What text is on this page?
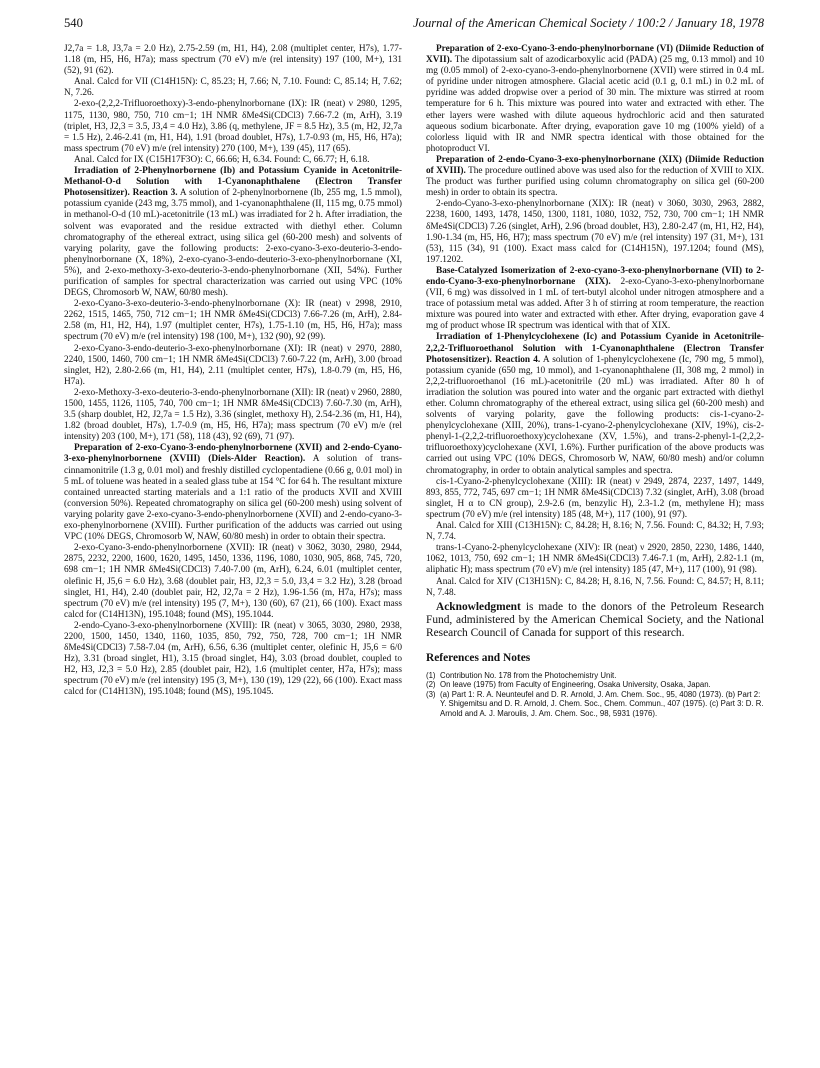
540	Journal of the American Chemical Society / 100:2 / January 18, 1978

J2,7a = 1.8, J3,7a = 2.0 Hz), 2.75-2.59 (m, H1, H4), 2.08 (multiplet center, H7s), 1.77-1.18 (m, H5, H6, H7a); mass spectrum (70 eV) m/e (rel intensity) 197 (100, M+), 131 (52), 91 (62).

Anal. Calcd for VII (C14H15N): C, 85.23; H, 7.66; N, 7.10. Found: C, 85.14; H, 7.62; N, 7.26.

2-exo-(2,2,2-Trifluoroethoxy)-3-endo-phenylnorbornane (IX): IR (neat) ν 2980, 1295, 1175, 1130, 980, 750, 710 cm−1; 1H NMR δMe4Si(CDCl3) 7.66-7.2 (m, ArH), 3.19 (triplet, H3, J2,3 = 3.5, J3,4 = 4.0 Hz), 3.86 (q, methylene, JF = 8.5 Hz), 3.5 (m, H2, J2,7a = 1.5 Hz), 2.46-2.41 (m, H1, H4), 1.91 (broad doublet, H7s), 1.7-0.93 (m, H5, H6, H7a); mass spectrum (70 eV) m/e (rel intensity) 270 (100, M+), 139 (45), 117 (65).

Anal. Calcd for IX (C15H17F3O): C, 66.66; H, 6.34. Found: C, 66.77; H, 6.18.

Irradiation of 2-Phenylnorbornene (Ib) and Potassium Cyanide in Acetonitrile-Methanol-O-d Solution with 1-Cyanonaphthalene (Electron Transfer Photosensitizer). Reaction 3. A solution of 2-phenylnorbornene (Ib, 255 mg, 1.5 mmol), potassium cyanide (243 mg, 3.75 mmol), and 1-cyanonaphthalene (II, 115 mg, 0.75 mmol) in methanol-O-d (10 mL)-acetonitrile (13 mL) was irradiated for 2 h. After irradiation, the solvent was evaporated and the residue extracted with diethyl ether. Column chromatography of the ethereal extract, using silica gel (60-200 mesh) and solvents of varying polarity, gave the following products: 2-exo-cyano-3-exo-deuterio-3-endo-phenylnorbornane (X, 18%), 2-exo-cyano-3-endo-deuterio-3-exo-phenylnorbornane (XI, 5%), and 2-exo-methoxy-3-exo-deuterio-3-endo-phenylnorbornane (XII, 54%). Further purification of samples for spectral characterization was carried out using VPC (10% DEGS, Chromosorb W, NAW, 60/80 mesh).

2-exo-Cyano-3-exo-deuterio-3-endo-phenylnorbornane (X): IR (neat) ν 2998, 2910, 2262, 1515, 1465, 750, 712 cm−1; 1H NMR δMe4Si(CDCl3) 7.66-7.26 (m, ArH), 2.84-2.58 (m, H1, H2, H4), 1.97 (multiplet center, H7s), 1.75-1.10 (m, H5, H6, H7a); mass spectrum (70 eV) m/e (rel intensity) 198 (100, M+), 132 (90), 92 (99).

2-exo-Cyano-3-endo-deuterio-3-exo-phenylnorbornane (XI): IR (neat) ν 2970, 2880, 2240, 1500, 1460, 700 cm−1; 1H NMR δMe4Si(CDCl3) 7.60-7.22 (m, ArH), 3.00 (broad singlet, H2), 2.80-2.66 (m, H1, H4), 2.11 (multiplet center, H7s), 1.8-0.79 (m, H5, H6, H7a).

2-exo-Methoxy-3-exo-deuterio-3-endo-phenylnorbornane (XII): IR (neat) ν 2960, 2880, 1500, 1455, 1126, 1105, 740, 700 cm−1; 1H NMR δMe4Si(CDCl3) 7.60-7.30 (m, ArH), 3.5 (sharp doublet, H2, J2,7a = 1.5 Hz), 3.36 (singlet, methoxy H), 2.54-2.36 (m, H1, H4), 1.82 (broad doublet, H7s), 1.7-0.9 (m, H5, H6, H7a); mass spectrum (70 eV) m/e (rel intensity) 203 (100, M+), 171 (58), 118 (43), 92 (69), 71 (97).

Preparation of 2-exo-Cyano-3-endo-phenylnorbornene (XVII) and 2-endo-Cyano-3-exo-phenylnorbornene (XVIII) (Diels-Alder Reaction). A solution of trans-cinnamonitrile (1.3 g, 0.01 mol) and freshly distilled cyclopentadiene (0.66 g, 0.01 mol) in 5 mL of toluene was heated in a sealed glass tube at 154 °C for 64 h. The resultant mixture contained unreacted starting materials and a 1:1 ratio of the products XVII and XVIII (conversion 50%). Repeated chromatography on silica gel (60-200 mesh) using solvent of varying polarity gave 2-exo-cyano-3-endo-phenylnorbornene (XVII) and 2-endo-cyano-3-exo-phenylnorbornene (XVIII). Further purification of the adducts was carried out using VPC (10% DEGS, Chromosorb W, NAW, 60/80 mesh) in order to obtain their spectra.

2-exo-Cyano-3-endo-phenylnorbornene (XVII): IR (neat) ν 3062, 3030, 2980, 2944, 2875, 2232, 2200, 1600, 1620, 1495, 1450, 1336, 1196, 1080, 1030, 905, 868, 745, 720, 698 cm−1; 1H NMR δMe4Si(CDCl3) 7.40-7.00 (m, ArH), 6.24, 6.01 (multiplet center, olefinic H, J5,6 = 6.0 Hz), 3.68 (doublet pair, H3, J2,3 = 5.0, J3,4 = 3.2 Hz), 3.28 (broad singlet, H1, H4), 2.40 (doublet pair, H2, J2,7a = 2 Hz), 1.96-1.56 (m, H7a, H7s); mass spectrum (70 eV) m/e (rel intensity) 195 (7, M+), 130 (60), 67 (21), 66 (100). Exact mass calcd for (C14H13N), 195.1048; found (MS), 195.1044.

2-endo-Cyano-3-exo-phenylnorbornene (XVIII): IR (neat) ν 3065, 3030, 2980, 2938, 2200, 1500, 1450, 1340, 1160, 1035, 850, 792, 750, 728, 700 cm−1; 1H NMR δMe4Si(CDCl3) 7.58-7.04 (m, ArH), 6.56, 6.36 (multiplet center, olefinic H, J5,6 = 6/0 Hz), 3.31 (broad singlet, H1), 3.15 (broad singlet, H4), 3.03 (broad doublet, coupled to H2, H3, J2,3 = 5.0 Hz), 2.85 (doublet pair, H2), 1.6 (multiplet center, H7a, H7s); mass spectrum (70 eV) m/e (rel intensity) 195 (3, M+), 130 (19), 129 (22), 66 (100). Exact mass calcd for (C14H13N), 195.1048; found (MS), 195.1045.

Preparation of 2-exo-Cyano-3-endo-phenylnorbornane (VI) (Diimide Reduction of XVII). The dipotassium salt of azodicarboxylic acid (PADA) (25 mg, 0.13 mmol) and 10 mg (0.05 mmol) of 2-exo-cyano-3-endo-phenylnorbornene (XVII) were stirred in 0.4 mL of pyridine under nitrogen atmosphere. Glacial acetic acid (0.1 g, 0.1 mL) in 0.2 mL of pyridine was added dropwise over a period of 30 min. The mixture was stirred at room temperature for 6 h. This mixture was poured into water and extracted with ether. The ether layers were washed with dilute aqueous hydrochloric acid and then saturated aqueous sodium bicarbonate. After drying, evaporation gave 10 mg (100% yield) of a colorless liquid with IR and NMR spectra identical with those obtained for the photoproduct VI.

Preparation of 2-endo-Cyano-3-exo-phenylnorbornane (XIX) (Diimide Reduction of XVIII). The procedure outlined above was used also for the reduction of XVIII to XIX. The product was further purified using column chromatography on silica gel (60-200 mesh) in order to obtain its spectra.

2-endo-Cyano-3-exo-phenylnorbornane (XIX): IR (neat) ν 3060, 3030, 2963, 2882, 2238, 1600, 1493, 1478, 1450, 1300, 1181, 1080, 1032, 752, 730, 700 cm−1; 1H NMR δMe4Si(CDCl3) 7.26 (singlet, ArH), 2.96 (broad doublet, H3), 2.80-2.47 (m, H1, H2, H4), 1.90-1.34 (m, H5, H6, H7); mass spectrum (70 eV) m/e (rel intensity) 197 (31, M+), 131 (53), 115 (34), 91 (100). Exact mass calcd for (C14H15N), 197.1204; found (MS), 197.1202.

Base-Catalyzed Isomerization of 2-exo-cyano-3-exo-phenylnorbornane (VII) to 2-endo-Cyano-3-exo-phenylnorbornane (XIX). 2-exo-Cyano-3-exo-phenylnorbornane (VII, 6 mg) was dissolved in 1 mL of tert-butyl alcohol under nitrogen atmosphere and a trace of potassium metal was added. After 3 h of stirring at room temperature, the reaction mixture was poured into water and extracted with ether. After drying, evaporation gave 4 mg of product whose IR spectrum was identical with that of XIX.

Irradiation of 1-Phenylcyclohexene (Ic) and Potassium Cyanide in Acetonitrile-2,2,2-Trifluoroethanol Solution with 1-Cyanonaphthalene (Electron Transfer Photosensitizer). Reaction 4. A solution of 1-phenylcyclohexene (Ic, 790 mg, 5 mmol), potassium cyanide (650 mg, 10 mmol), and 1-cyanonaphthalene (II, 308 mg, 2 mmol) in 2,2,2-trifluoroethanol (16 mL)-acetonitrile (20 mL) was irradiated. After 80 h of irradiation the solution was poured into water and the organic part extracted with diethyl ether. Column chromatography of the ethereal extract, using silica gel (60-200 mesh) and solvents of varying polarity, gave the following products: cis-1-cyano-2-phenylcyclohexane (XIII, 20%), trans-1-cyano-2-phenylcyclohexane (XIV, 19%), cis-2-phenyl-1-(2,2,2-trifluoroethoxy)cyclohexane (XV, 1.5%), and trans-2-phenyl-1-(2,2,2-trifluoroethoxy)cyclohexane (XVI, 1.6%). Further purification of the above products was carried out using VPC (10% DEGS, Chromosorb W, NAW, 60/80 mesh) and/or column chromatography, in order to obtain analytical samples and spectra.

cis-1-Cyano-2-phenylcyclohexane (XIII): IR (neat) ν 2949, 2874, 2237, 1497, 1449, 893, 855, 772, 745, 697 cm−1; 1H NMR δMe4Si(CDCl3) 7.32 (singlet, ArH), 3.08 (broad singlet, H α to CN group), 2.9-2.6 (m, benzylic H), 2.3-1.2 (m, methylene H); mass spectrum (70 eV) m/e (rel intensity) 185 (48, M+), 117 (100), 91 (97).

Anal. Calcd for XIII (C13H15N): C, 84.28; H, 8.16; N, 7.56. Found: C, 84.32; H, 7.93; N, 7.74.

trans-1-Cyano-2-phenylcyclohexane (XIV): IR (neat) ν 2920, 2850, 2230, 1486, 1440, 1062, 1013, 750, 692 cm−1; 1H NMR δMe4Si(CDCl3) 7.46-7.1 (m, ArH), 2.82-1.1 (m, aliphatic H); mass spectrum (70 eV) m/e (rel intensity) 185 (47, M+), 117 (100), 91 (98).

Anal. Calcd for XIV (C13H15N): C, 84.28; H, 8.16, N, 7.56. Found: C, 84.57; H, 8.11; N, 7.48.

Acknowledgment is made to the donors of the Petroleum Research Fund, administered by the American Chemical Society, and the National Research Council of Canada for support of this research.

References and Notes

(1) Contribution No. 178 from the Photochemistry Unit.
(2) On leave (1975) from Faculty of Engineering, Osaka University, Osaka, Japan.
(3) (a) Part 1: R. A. Neunteufel and D. R. Arnold, J. Am. Chem. Soc., 95, 4080 (1973). (b) Part 2: Y. Shigemitsu and D. R. Arnold, J. Chem. Soc., Chem. Commun., 407 (1975). (c) Part 3: D. R. Arnold and A. J. Maroulis, J. Am. Chem. Soc., 98, 5931 (1976).
